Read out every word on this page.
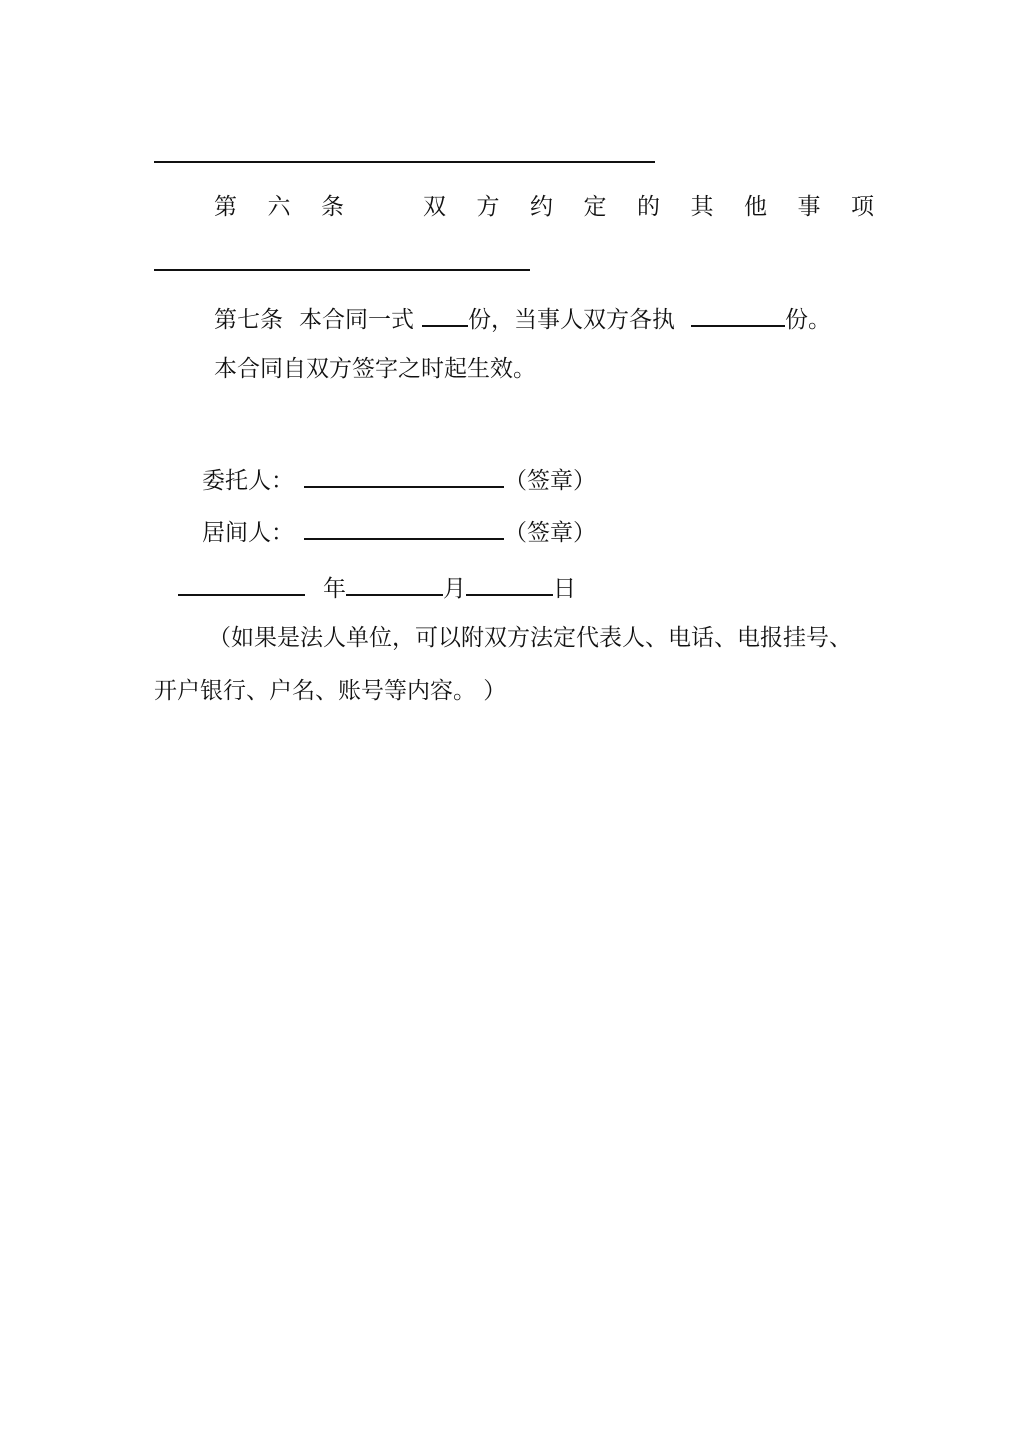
第 六 条	双 方 约 定 的 其 他 事 项
第七条 本合同一式 份，当事人双方各执	份。
本合同自双方签字之时起生效。
委托人：	（签章）
居间人：	（签章）
年	月	日
（如果是法人单位，可以附双方法定代表人、电话、电报挂号、
开户银行、户名、账号等内容。 ）
